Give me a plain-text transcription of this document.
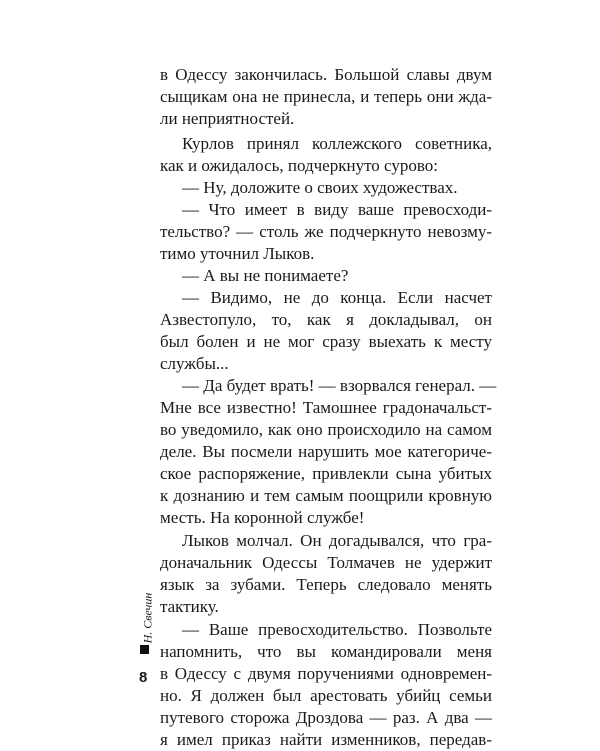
в Одессу закончилась. Большой славы двум
сыщикам она не принесла, и теперь они жда-
ли неприятностей.
Курлов принял коллежского советника,
как и ожидалось, подчеркнуто сурово:
— Ну, доложите о своих художествах.
— Что имеет в виду ваше превосходи-
тельство? — столь же подчеркнуто невозму-
тимо уточнил Лыков.
— А вы не понимаете?
— Видимо, не до конца. Если насчет
Азвестопуло, то, как я докладывал, он
был болен и не мог сразу выехать к месту
службы...
— Да будет врать! — взорвался генерал. —
Мне все известно! Тамошнее градоначальст-
во уведомило, как оно происходило на самом
деле. Вы посмели нарушить мое категориче-
ское распоряжение, привлекли сына убитых
к дознанию и тем самым поощрили кровную
месть. На коронной службе!
Лыков молчал. Он догадывался, что гра-
доначальник Одессы Толмачев не удержит
язык за зубами. Теперь следовало менять
тактику.
— Ваше превосходительство. Позвольте
напомнить, что вы командировали меня
в Одессу с двумя поручениями одновремен-
но. Я должен был арестовать убийц семьи
путевого сторожа Дроздова — раз. А два —
я имел приказ найти изменников, передав-
Н. Свечин
8
